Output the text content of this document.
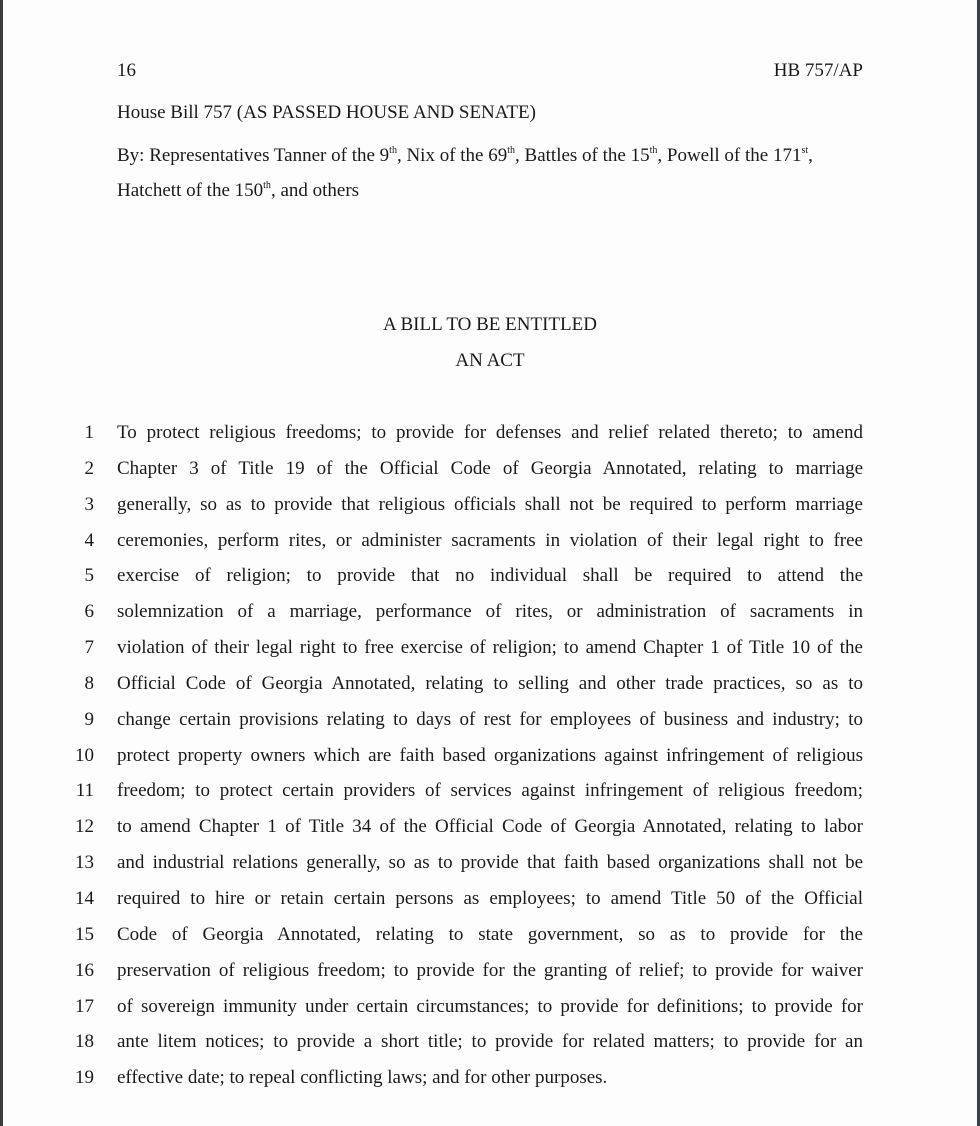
16	HB 757/AP
House Bill 757 (AS PASSED HOUSE AND SENATE)
By: Representatives Tanner of the 9th, Nix of the 69th, Battles of the 15th, Powell of the 171st,
Hatchett of the 150th, and others
A BILL TO BE ENTITLED
AN ACT
1 To protect religious freedoms; to provide for defenses and relief related thereto; to amend
2 Chapter 3 of Title 19 of the Official Code of Georgia Annotated, relating to marriage
3 generally, so as to provide that religious officials shall not be required to perform marriage
4 ceremonies, perform rites, or administer sacraments in violation of their legal right to free
5 exercise of religion; to provide that no individual shall be required to attend the
6 solemnization of a marriage, performance of rites, or administration of sacraments in
7 violation of their legal right to free exercise of religion; to amend Chapter 1 of Title 10 of the
8 Official Code of Georgia Annotated, relating to selling and other trade practices, so as to
9 change certain provisions relating to days of rest for employees of business and industry; to
10 protect property owners which are faith based organizations against infringement of religious
11 freedom; to protect certain providers of services against infringement of religious freedom;
12 to amend Chapter 1 of Title 34 of the Official Code of Georgia Annotated, relating to labor
13 and industrial relations generally, so as to provide that faith based organizations shall not be
14 required to hire or retain certain persons as employees; to amend Title 50 of the Official
15 Code of Georgia Annotated, relating to state government, so as to provide for the
16 preservation of religious freedom; to provide for the granting of relief; to provide for waiver
17 of sovereign immunity under certain circumstances; to provide for definitions; to provide for
18 ante litem notices; to provide a short title; to provide for related matters; to provide for an
19 effective date; to repeal conflicting laws; and for other purposes.
